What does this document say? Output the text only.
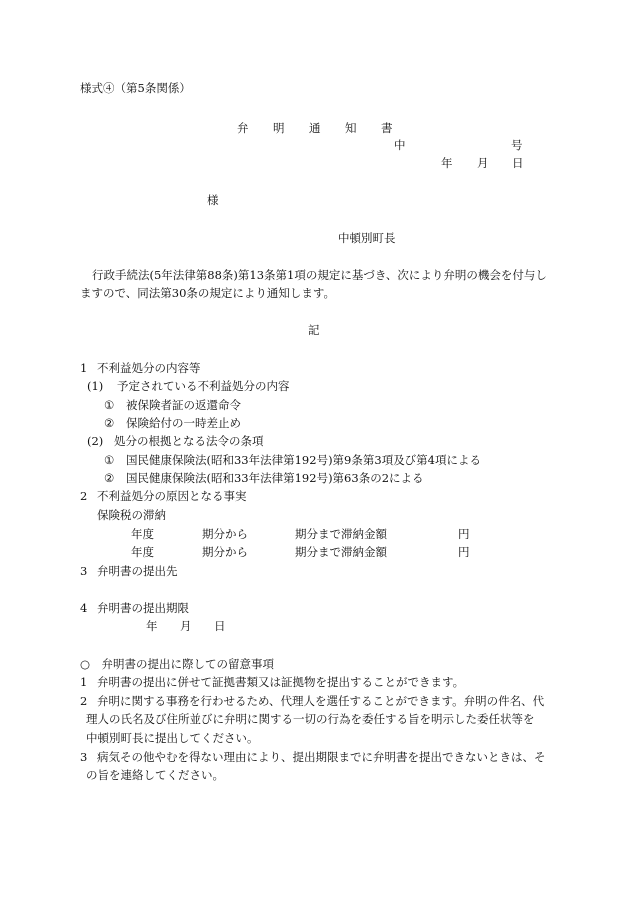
様式④（第5条関係）
弁 明 通 知 書
中	号
年 月 日
様
中頓別町長
行政手続法(5年法律第88条)第13条第1項の規定に基づき、次により弁明の機会を付与し
ますので、同法第30条の規定により通知します。
記
1 不利益処分の内容等
(1) 予定されている不利益処分の内容
① 被保険者証の返還命令
② 保険給付の一時差止め
(2) 処分の根拠となる法令の条項
① 国民健康保険法(昭和33年法律第192号)第9条第3項及び第4項による
② 国民健康保険法(昭和33年法律第192号)第63条の2による
2 不利益処分の原因となる事実
保険税の滞納
年度	期分から	期分まで滞納金額	円
年度	期分から	期分まで滞納金額	円
3 弁明書の提出先
4 弁明書の提出期限
年 月 日
○　弁明書の提出に際しての留意事項
1 弁明書の提出に併せて証拠書類又は証拠物を提出することができます。
2 弁明に関する事務を行わせるため、代理人を選任することができます。弁明の件名、代
理人の氏名及び住所並びに弁明に関する一切の行為を委任する旨を明示した委任状等を
中頓別町長に提出してください。
3 病気その他やむを得ない理由により、提出期限までに弁明書を提出できないときは、そ
の旨を連絡してください。
